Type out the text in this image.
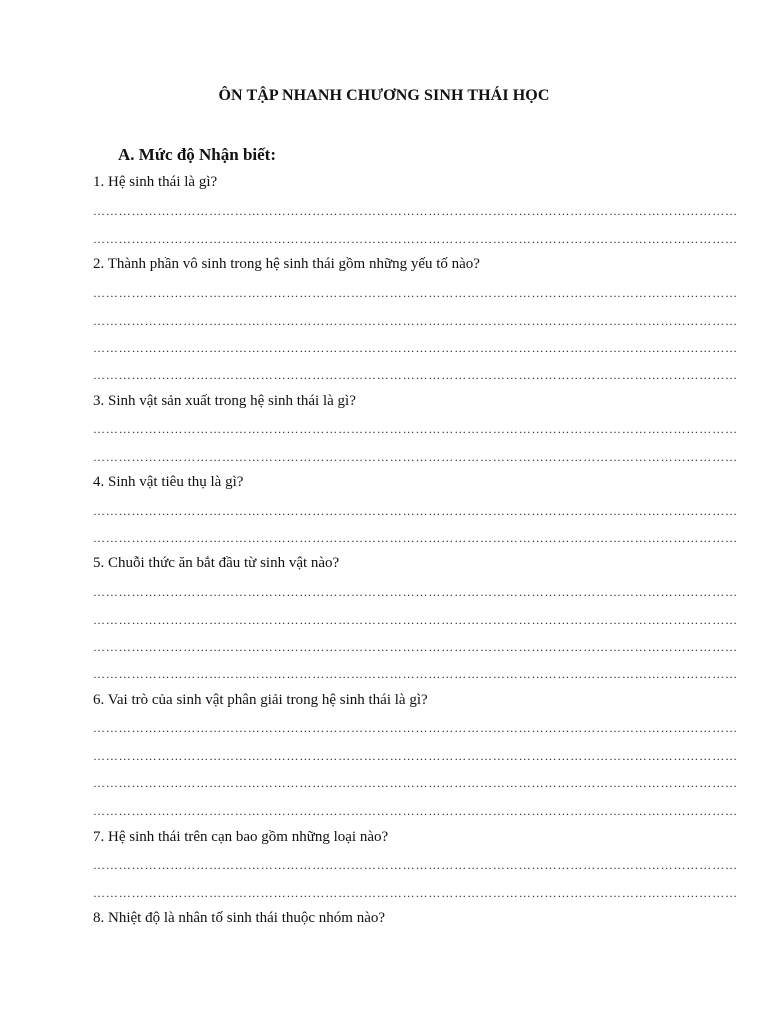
ÔN TẬP NHANH CHƯƠNG SINH THÁI HỌC
A. Mức độ Nhận biết:
1. Hệ sinh thái là gì?
……………………………………………………………………………………………………………………………………
……………………………………………………………………………………………………………………………………
2. Thành phần vô sinh trong hệ sinh thái gồm những yếu tố nào?
……………………………………………………………………………………………………………………………………
……………………………………………………………………………………………………………………………………
……………………………………………………………………………………………………………………………………
……………………………………………………………………………………………………………………………………
3. Sinh vật sản xuất trong hệ sinh thái là gì?
……………………………………………………………………………………………………………………………………
……………………………………………………………………………………………………………………………………
4. Sinh vật tiêu thụ là gì?
……………………………………………………………………………………………………………………………………
……………………………………………………………………………………………………………………………………
5. Chuỗi thức ăn bắt đầu từ sinh vật nào?
……………………………………………………………………………………………………………………………………
……………………………………………………………………………………………………………………………………
……………………………………………………………………………………………………………………………………
……………………………………………………………………………………………………………………………………
6. Vai trò của sinh vật phân giải trong hệ sinh thái là gì?
……………………………………………………………………………………………………………………………………
……………………………………………………………………………………………………………………………………
……………………………………………………………………………………………………………………………………
……………………………………………………………………………………………………………………………………
7. Hệ sinh thái trên cạn bao gồm những loại nào?
……………………………………………………………………………………………………………………………………
……………………………………………………………………………………………………………………………………
8. Nhiệt độ là nhân tố sinh thái thuộc nhóm nào?
